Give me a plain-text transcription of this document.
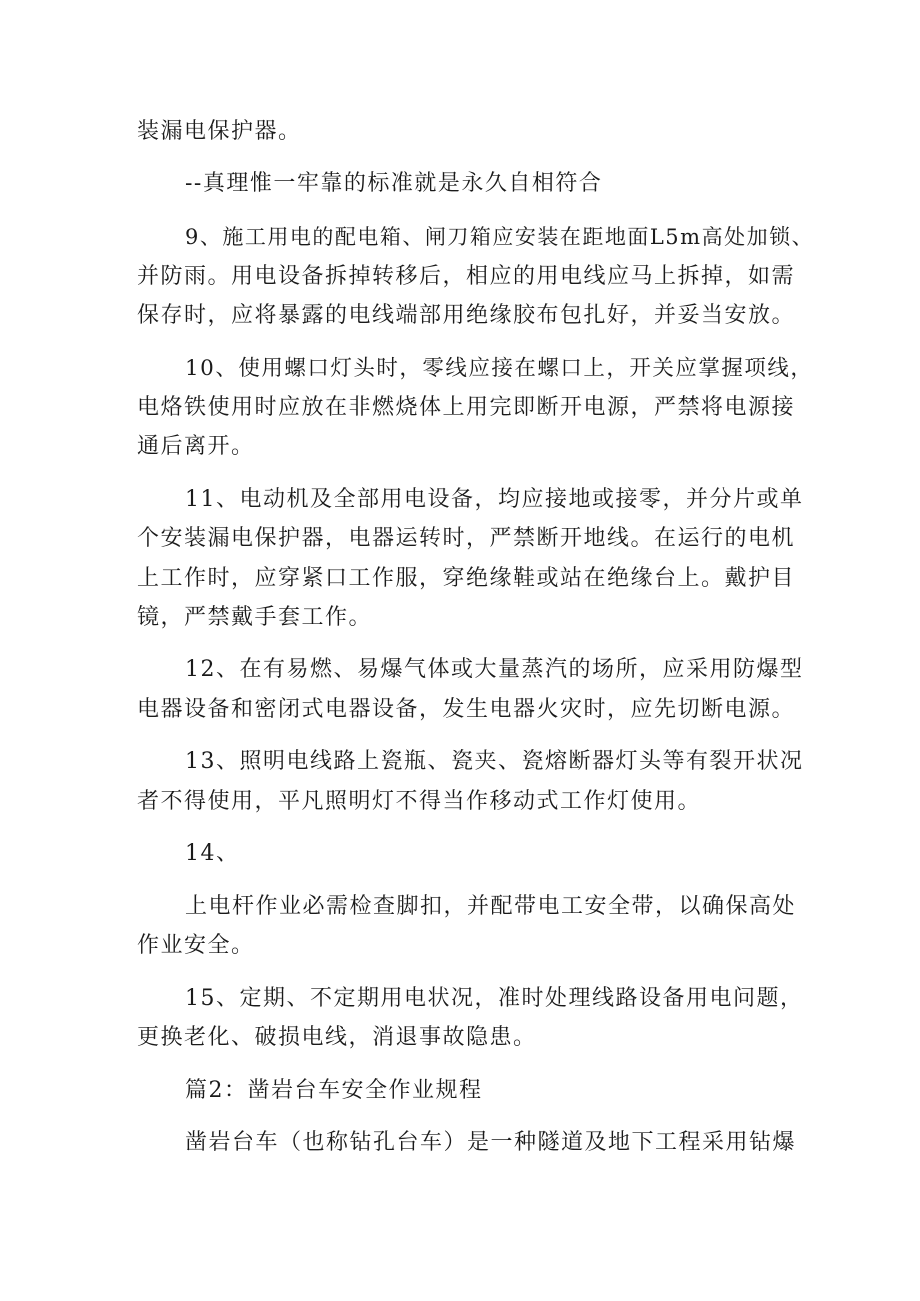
装漏电保护器。
--真理惟一牢靠的标准就是永久自相符合
9、施工用电的配电箱、闸刀箱应安装在距地面L5m高处加锁、
并防雨。用电设备拆掉转移后，相应的用电线应马上拆掉，如需
保存时，应将暴露的电线端部用绝缘胶布包扎好，并妥当安放。
10、使用螺口灯头时，零线应接在螺口上，开关应掌握项线，
电烙铁使用时应放在非燃烧体上用完即断开电源，严禁将电源接
通后离开。
11、电动机及全部用电设备，均应接地或接零，并分片或单
个安装漏电保护器，电器运转时，严禁断开地线。在运行的电机
上工作时，应穿紧口工作服，穿绝缘鞋或站在绝缘台上。戴护目
镜，严禁戴手套工作。
12、在有易燃、易爆气体或大量蒸汽的场所，应采用防爆型
电器设备和密闭式电器设备，发生电器火灾时，应先切断电源。
13、照明电线路上瓷瓶、瓷夹、瓷熔断器灯头等有裂开状况
者不得使用，平凡照明灯不得当作移动式工作灯使用。
14、
上电杆作业必需检查脚扣，并配带电工安全带，以确保高处
作业安全。
15、定期、不定期用电状况，准时处理线路设备用电问题，
更换老化、破损电线，消退事故隐患。
篇2：凿岩台车安全作业规程
凿岩台车（也称钻孔台车）是一种隧道及地下工程采用钻爆
